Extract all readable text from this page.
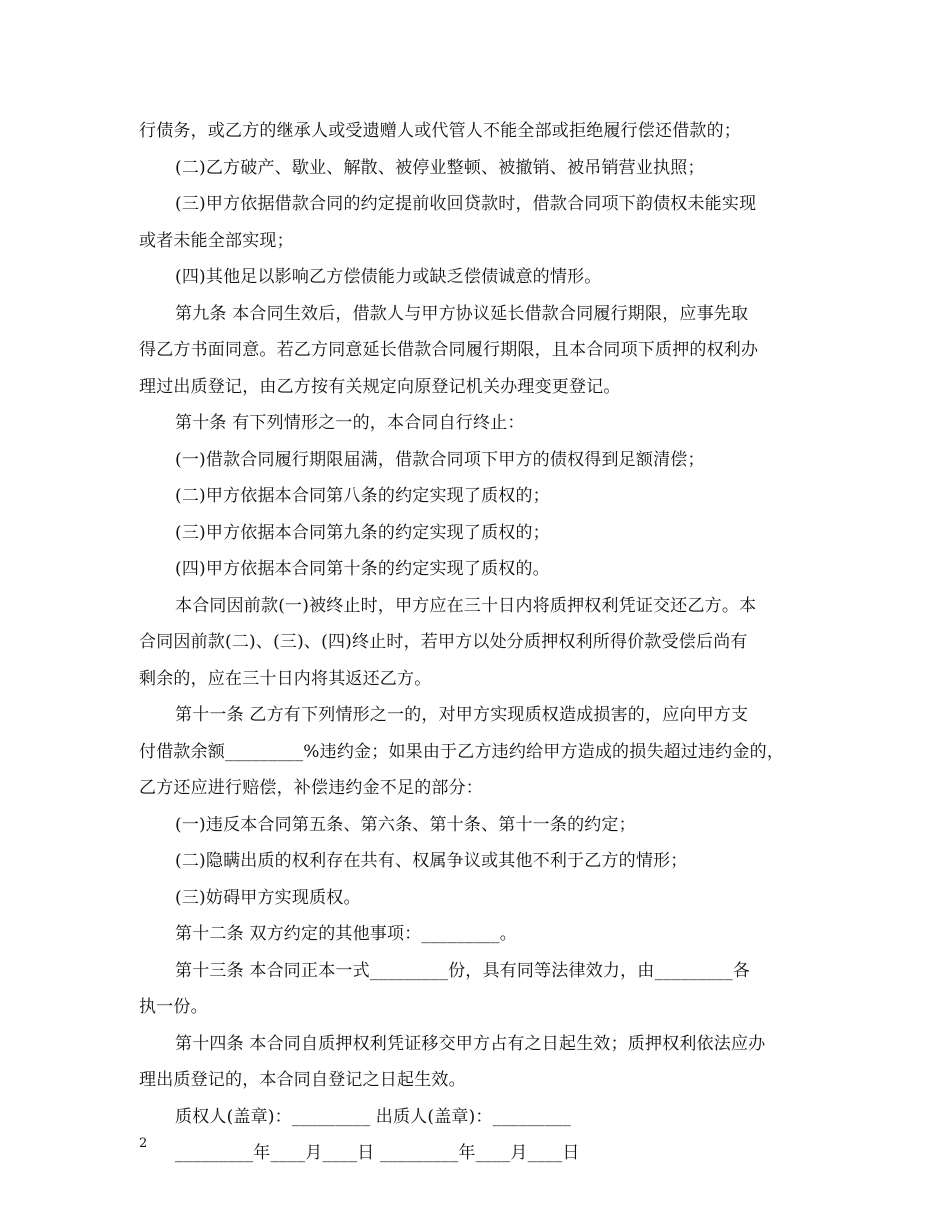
行债务，或乙方的继承人或受遗赠人或代管人不能全部或拒绝履行偿还借款的；
(二)乙方破产、歇业、解散、被停业整顿、被撤销、被吊销营业执照；
(三)甲方依据借款合同的约定提前收回贷款时，借款合同项下韵债权未能实现
或者未能全部实现；
(四)其他足以影响乙方偿债能力或缺乏偿债诚意的情形。
第九条 本合同生效后，借款人与甲方协议延长借款合同履行期限，应事先取
得乙方书面同意。若乙方同意延长借款合同履行期限，且本合同项下质押的权利办
理过出质登记，由乙方按有关规定向原登记机关办理变更登记。
第十条 有下列情形之一的，本合同自行终止：
(一)借款合同履行期限届满，借款合同项下甲方的债权得到足额清偿；
(二)甲方依据本合同第八条的约定实现了质权的；
(三)甲方依据本合同第九条的约定实现了质权的；
(四)甲方依据本合同第十条的约定实现了质权的。
本合同因前款(一)被终止时，甲方应在三十日内将质押权利凭证交还乙方。本
合同因前款(二)、(三)、(四)终止时，若甲方以处分质押权利所得价款受偿后尚有
剩余的，应在三十日内将其返还乙方。
第十一条 乙方有下列情形之一的，对甲方实现质权造成损害的，应向甲方支
付借款余额_________%违约金；如果由于乙方违约给甲方造成的损失超过违约金的，
乙方还应进行赔偿，补偿违约金不足的部分：
(一)违反本合同第五条、第六条、第十条、第十一条的约定；
(二)隐瞒出质的权利存在共有、权属争议或其他不利于乙方的情形；
(三)妨碍甲方实现质权。
第十二条 双方约定的其他事项：_________。
第十三条 本合同正本一式_________份，具有同等法律效力，由_________各
执一份。
第十四条 本合同自质押权利凭证移交甲方占有之日起生效；质押权利依法应办
理出质登记的，本合同自登记之日起生效。
质权人(盖章)：_________ 出质人(盖章)：_________
_________年____月____日 _________年____月____日
2
